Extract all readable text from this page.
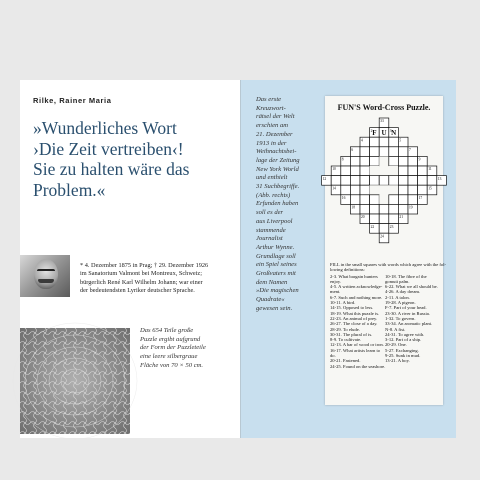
Rilke, Rainer Maria
»Wunderliches Wort
›Die Zeit vertreiben‹!
Sie zu halten wäre das
Problem.«
* 4. Dezember 1875 in Prag; † 29. Dezember 1926
im Sanatorium Valmont bei Montreux, Schweiz;
bürgerlich René Karl Wilhelm Johann; war einer
der bedeutendsten Lyriker deutscher Sprache.
Das 654 Teile große
Puzzle ergibt aufgrund
der Form der Puzzleteile
eine leere silbergraue
Fläche von 70 × 50 cm.
Das erste
Kreuzwort-
rätsel der Welt
erschien am
21. Dezember
1913 in der
Weihnachtsbei-
lage der Zeitung
New York World
und enthielt
31 Suchbegriffe.
(Abb. rechts)
Erfunden haben
soll es der
aus Liverpool
stammende
Journalist
Arthur Wynne.
Grundlage soll
ein Spiel seines
Großvaters mit
dem Namen
»Die magischen
Quadrate«
gewesen sein.
FUN'S Word-Cross Puzzle.
2	3
4	5
6	7
8	9
10	11
12	13
14	15
16	17
18	19
20	21
22	23
24
F U N
33
FILL in the small squares with words which agree with the fol-
lowing definitions:
2-3. What bargain hunters
enjoy.
4-5. A written acknowledge-
ment.
6-7. Such and nothing more.
10-11. A bird.
14-15. Opposed to less.
18-19. What this puzzle is.
22-23. An animal of prey.
26-27. The close of a day.
28-29. To elude.
30-31. The plural of is.
8-9. To cultivate.
12-13. A bar of wood or iron.
16-17. What artists learn to
do.
20-21. Fastened.
24-25. Found on the seashore.
10-18. The fibre of the
gomuti palm.
6-22. What we all should be.
4-26. A day dream.
2-11. A talon.
19-28. A pigeon.
F-7. Part of your head.
23-30. A river in Russia.
1-32. To govern.
33-34. An aromatic plant.
N-8. A fist.
24-31. To agree with.
3-12. Part of a ship.
20-29. One.
5-27. Exchanging.
9-25. Sunk in mud.
13-21. A boy.
